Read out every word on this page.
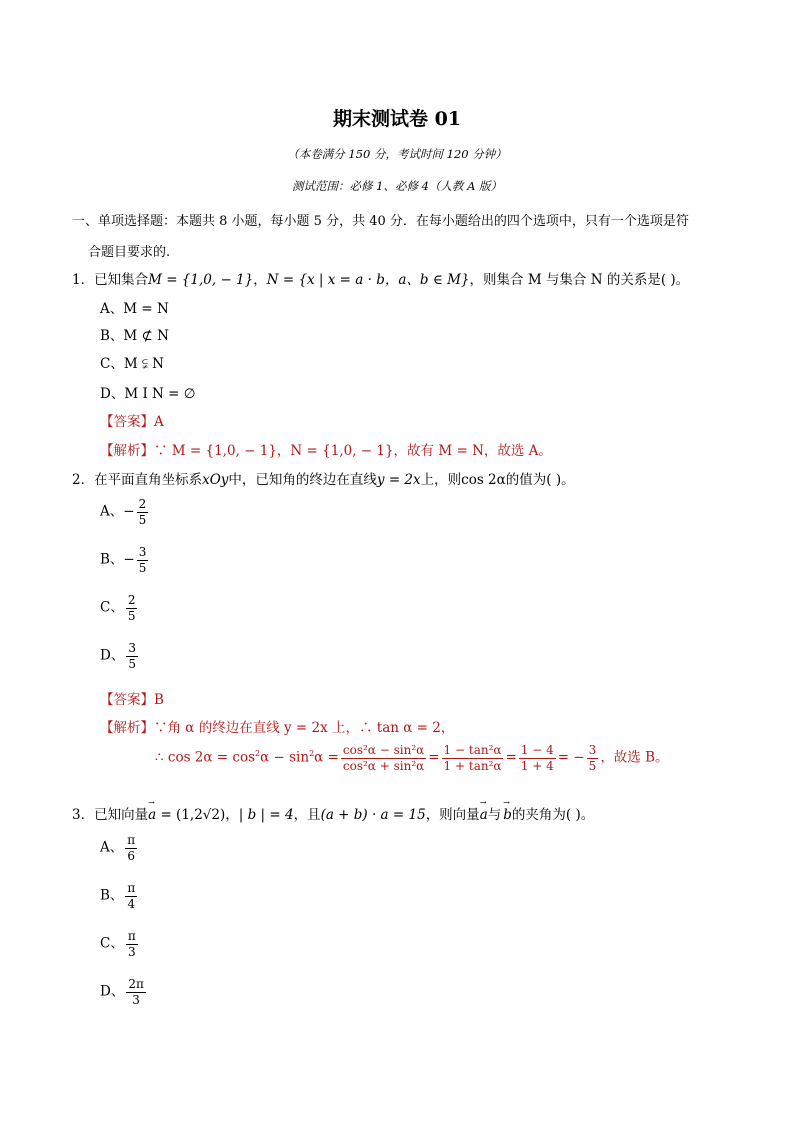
期末测试卷 01
（本卷满分 150 分，考试时间 120 分钟）
测试范围：必修 1、必修 4（人教 A 版）
一、单项选择题：本题共 8 小题，每小题 5 分，共 40 分．在每小题给出的四个选项中，只有一个选项是符
合题目要求的.
1．已知集合M = {1,0, − 1}，N = {x | x = a · b，a、b ∈ M}，则集合 M 与集合 N 的关系是( )。
A、M = N
B、M ⊄ N
C、M ⫋ N
D、M I N = ∅
【答案】A
【解析】∵ M = {1,0, − 1}，N = {1,0, − 1}，故有 M = N，故选 A。
2．在平面直角坐标系xOy中，已知角的终边在直线y = 2x上，则cos 2α的值为( )。
A、− $\frac{2}{5}$
B、− $\frac{3}{5}$
C、 $\frac{2}{5}$
D、 $\frac{3}{5}$
【答案】B
【解析】∵角 α 的终边在直线 y = 2x 上，∴ tan α = 2，
∴ $\cos 2\alpha = \cos^2\alpha - \sin^2\alpha = \frac{\text{cos²α − sin²α}}{\text{cos²α + sin²α}} = \frac{\text{1 − tan²α}}{\text{1 + tan²α}} = \frac{1 - 4}{1 + 4}$ = − $\frac{3}{5}$ ，故选 B。
3．已知向量→ a = (1,2√2)，| b | = 4，且(a + b) · a = 15，则向量→ a与 → b的夹角为( )。
A、 $\frac{\pi}{6}$
B、 $\frac{\pi}{4}$
C、 $\frac{\pi}{3}$
D、 $\frac{2\pi}{3}$
